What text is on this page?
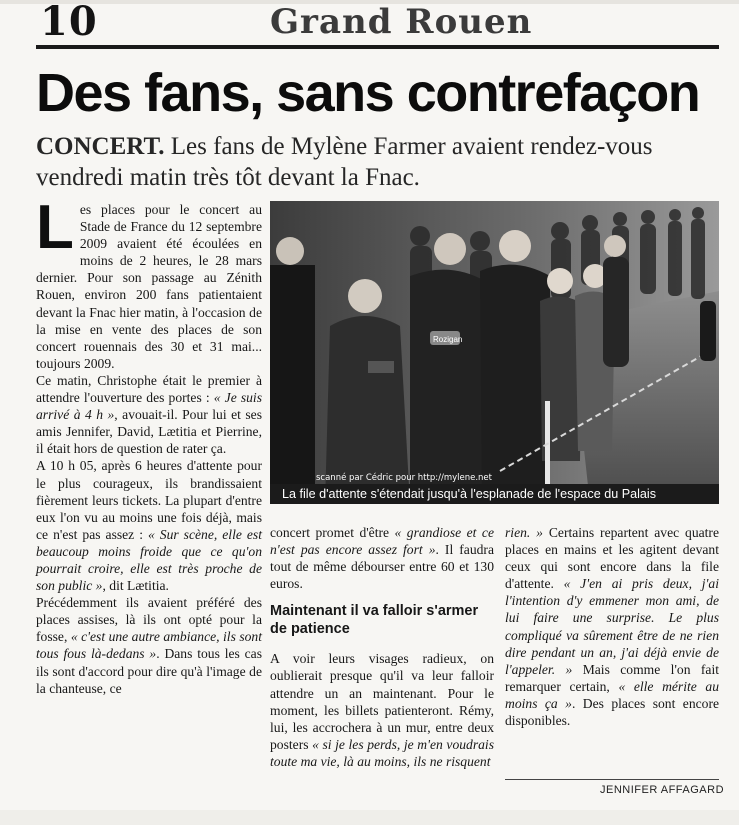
10	Grand Rouen
Des fans, sans contrefaçon
CONCERT. Les fans de Mylène Farmer avaient rendez-vous vendredi matin très tôt devant la Fnac.

Les places pour le concert au Stade de France du 12 septembre 2009 avaient été écoulées en moins de 2 heures, le 28 mars dernier. Pour son passage au Zénith Rouen, environ 200 fans patientaient devant la Fnac hier matin, à l'occasion de la mise en vente des places de son concert rouennais des 30 et 31 mai... toujours 2009.

Ce matin, Christophe était le premier à attendre l'ouverture des portes : « Je suis arrivé à 4 h », avouait-il. Pour lui et ses amis Jennifer, David, Lætitia et Pierrine, il était hors de question de rater ça.

A 10 h 05, après 6 heures d'attente pour le plus courageux, ils brandissaient fièrement leurs tickets. La plupart d'entre eux l'on vu au moins une fois déjà, mais ce n'est pas assez : « Sur scène, elle est beaucoup moins froide que ce qu'on pourrait croire, elle est très proche de son public », dit Lætitia.

Précédemment ils avaient préféré des places assises, là ils ont opté pour la fosse, « c'est une autre ambiance, ils sont tous fous là-dedans ». Dans tous les cas ils sont d'accord pour dire qu'à l'image de la chanteuse, ce

Rozigan
scanné par Cédric pour http://mylene.net
La file d'attente s'étendait jusqu'à l'esplanade de l'espace du Palais

concert promet d'être « grandiose et ce n'est pas encore assez fort ». Il faudra tout de même débourser entre 60 et 130 euros.

Maintenant il va falloir s'armer de patience

A voir leurs visages radieux, on oublierait presque qu'il va leur falloir attendre un an maintenant. Pour le moment, les billets patienteront. Rémy, lui, les accrochera à un mur, entre deux posters « si je les perds, je m'en voudrais toute ma vie, là au moins, ils ne risquent

rien. » Certains repartent avec quatre places en mains et les agitent devant ceux qui sont encore dans la file d'attente. « J'en ai pris deux, j'ai l'intention d'y emmener mon ami, de lui faire une surprise. Le plus compliqué va sûrement être de ne rien dire pendant un an, j'ai déjà envie de l'appeler. » Mais comme l'on fait remarquer certain, « elle mérite au moins ça ». Des places sont encore disponibles.

JENNIFER AFFAGARD
